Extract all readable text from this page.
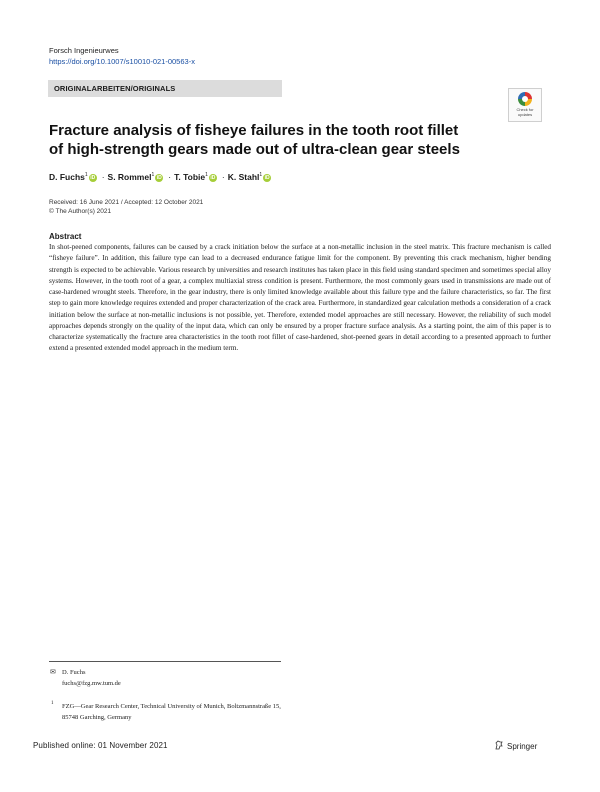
Forsch Ingenieurwes
https://doi.org/10.1007/s10010-021-00563-x
ORIGINALARBEITEN/ORIGINALS
Check for updates
Fracture analysis of fisheye failures in the tooth root fillet of high-strength gears made out of ultra-clean gear steels
D. Fuchs$^1$ iD · S. Rommel$^1$ iD · T. Tobie$^1$ iD · K. Stahl$^1$ iD
Received: 16 June 2021 / Accepted: 12 October 2021
© The Author(s) 2021
Abstract

In shot-peened components, failures can be caused by a crack initiation below the surface at a non-metallic inclusion in the steel matrix. This fracture mechanism is called “fisheye failure”. In addition, this failure type can lead to a decreased endurance fatigue limit for the component. By preventing this crack mechanism, higher bending strength is expected to be achievable. Various research by universities and research institutes has taken place in this field using standard specimen and sometimes special alloy systems. However, in the tooth root of a gear, a complex multiaxial stress condition is present. Furthermore, the most commonly gears used in transmissions are made out of case-hardened wrought steels. Therefore, in the gear industry, there is only limited knowledge available about this failure type and the failure characteristics, so far. The first step to gain more knowledge requires extended and proper characterization of the crack area. Furthermore, in standardized gear calculation methods a consideration of a crack initiation below the surface at non-metallic inclusions is not possible, yet. Therefore, extended model approaches are still necessary. However, the reliability of such model approaches depends strongly on the quality of the input data, which can only be ensured by a proper fracture surface analysis. As a starting point, the aim of this paper is to characterize systematically the fracture area characteristics in the tooth root fillet of case-hardened, shot-peened gears in detail according to a presented approach to further extend a presented extended model approach in the medium term.

✉ D. Fuchs
fuchs@fzg.mw.tum.de
1 FZG—Gear Research Center, Technical University of Munich, Boltzmannstraße 15, 85748 Garching, Germany

Published online: 01 November 2021	Springer
